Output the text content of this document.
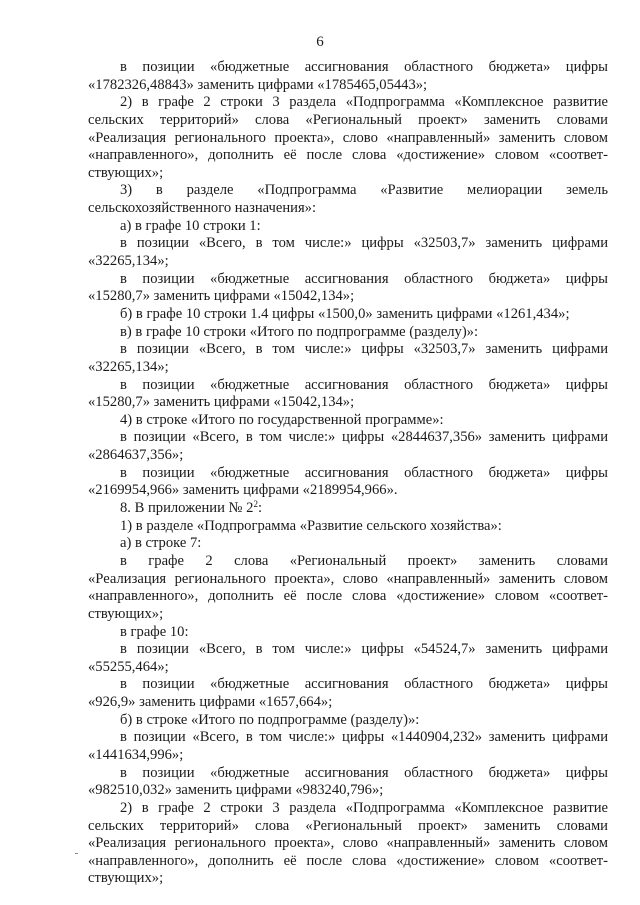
6
в позиции «бюджетные ассигнования областного бюджета» цифры
«1782326,48843» заменить цифрами «1785465,05443»;
2) в графе 2 строки 3 раздела «Подпрограмма «Комплексное развитие
сельских территорий» слова «Региональный проект» заменить словами
«Реализация регионального проекта», слово «направленный» заменить словом
«направленного», дополнить её после слова «достижение» словом «соответ-
ствующих»;
3) в разделе «Подпрограмма «Развитие мелиорации земель
сельскохозяйственного назначения»:
а) в графе 10 строки 1:
в позиции «Всего, в том числе:» цифры «32503,7» заменить цифрами
«32265,134»;
в позиции «бюджетные ассигнования областного бюджета» цифры
«15280,7» заменить цифрами «15042,134»;
б) в графе 10 строки 1.4 цифры «1500,0» заменить цифрами «1261,434»;
в) в графе 10 строки «Итого по подпрограмме (разделу)»:
в позиции «Всего, в том числе:» цифры «32503,7» заменить цифрами
«32265,134»;
в позиции «бюджетные ассигнования областного бюджета» цифры
«15280,7» заменить цифрами «15042,134»;
4) в строке «Итого по государственной программе»:
в позиции «Всего, в том числе:» цифры «2844637,356» заменить цифрами
«2864637,356»;
в позиции «бюджетные ассигнования областного бюджета» цифры
«2169954,966» заменить цифрами «2189954,966».
8. В приложении № $2^2$:
1) в разделе «Подпрограмма «Развитие сельского хозяйства»:
а) в строке 7:
в графе 2 слова «Региональный проект» заменить словами
«Реализация регионального проекта», слово «направленный» заменить словом
«направленного», дополнить её после слова «достижение» словом «соответ-
ствующих»;
в графе 10:
в позиции «Всего, в том числе:» цифры «54524,7» заменить цифрами
«55255,464»;
в позиции «бюджетные ассигнования областного бюджета» цифры
«926,9» заменить цифрами «1657,664»;
б) в строке «Итого по подпрограмме (разделу)»:
в позиции «Всего, в том числе:» цифры «1440904,232» заменить цифрами
«1441634,996»;
в позиции «бюджетные ассигнования областного бюджета» цифры
«982510,032» заменить цифрами «983240,796»;
2) в графе 2 строки 3 раздела «Подпрограмма «Комплексное развитие
сельских территорий» слова «Региональный проект» заменить словами
«Реализация регионального проекта», слово «направленный» заменить словом
«направленного», дополнить её после слова «достижение» словом «соответ-
ствующих»;
